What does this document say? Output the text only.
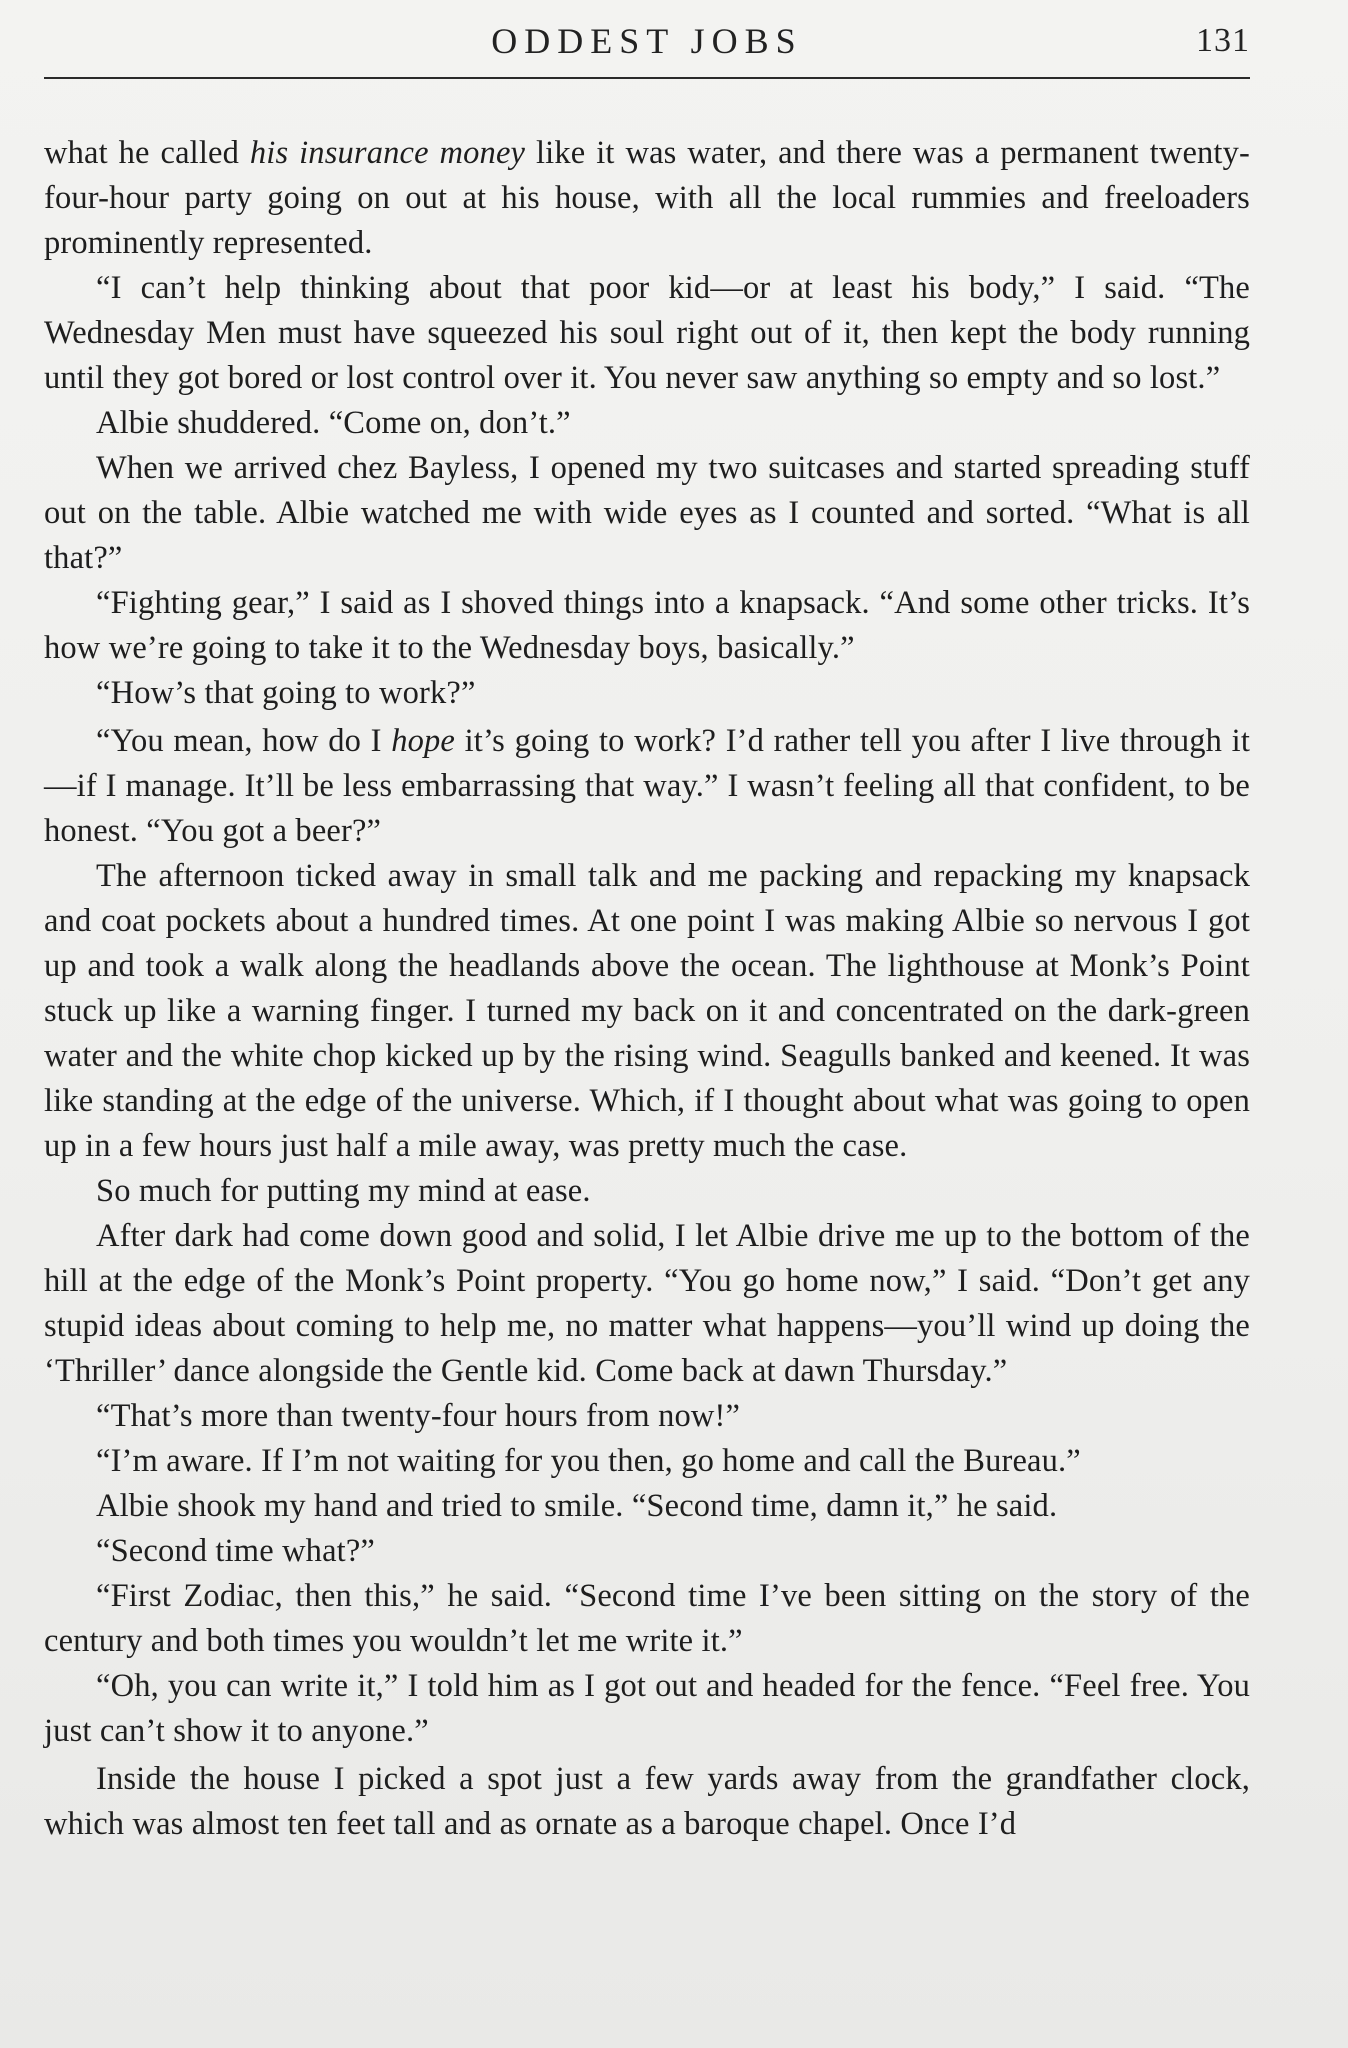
ODDEST JOBS	131

what he called his insurance money like it was water, and there was a permanent twenty-four-hour party going on out at his house, with all the local rummies and freeloaders prominently represented.

“I can’t help thinking about that poor kid—or at least his body,” I said. “The Wednesday Men must have squeezed his soul right out of it, then kept the body running until they got bored or lost control over it. You never saw anything so empty and so lost.”

Albie shuddered. “Come on, don’t.”

When we arrived chez Bayless, I opened my two suitcases and started spreading stuff out on the table. Albie watched me with wide eyes as I counted and sorted. “What is all that?”

“Fighting gear,” I said as I shoved things into a knapsack. “And some other tricks. It’s how we’re going to take it to the Wednesday boys, basically.”

“How’s that going to work?”

“You mean, how do I hope it’s going to work? I’d rather tell you after I live through it—if I manage. It’ll be less embarrassing that way.” I wasn’t feeling all that confident, to be honest. “You got a beer?”

The afternoon ticked away in small talk and me packing and repacking my knapsack and coat pockets about a hundred times. At one point I was making Albie so nervous I got up and took a walk along the headlands above the ocean. The lighthouse at Monk’s Point stuck up like a warning finger. I turned my back on it and concentrated on the dark-green water and the white chop kicked up by the rising wind. Seagulls banked and keened. It was like standing at the edge of the universe. Which, if I thought about what was going to open up in a few hours just half a mile away, was pretty much the case.

So much for putting my mind at ease.

After dark had come down good and solid, I let Albie drive me up to the bottom of the hill at the edge of the Monk’s Point property. “You go home now,” I said. “Don’t get any stupid ideas about coming to help me, no matter what happens—you’ll wind up doing the ‘Thriller’ dance alongside the Gentle kid. Come back at dawn Thursday.”

“That’s more than twenty-four hours from now!”

“I’m aware. If I’m not waiting for you then, go home and call the Bureau.”

Albie shook my hand and tried to smile. “Second time, damn it,” he said.

“Second time what?”

“First Zodiac, then this,” he said. “Second time I’ve been sitting on the story of the century and both times you wouldn’t let me write it.”

“Oh, you can write it,” I told him as I got out and headed for the fence. “Feel free. You just can’t show it to anyone.”

Inside the house I picked a spot just a few yards away from the grandfather clock, which was almost ten feet tall and as ornate as a baroque chapel. Once I’d
